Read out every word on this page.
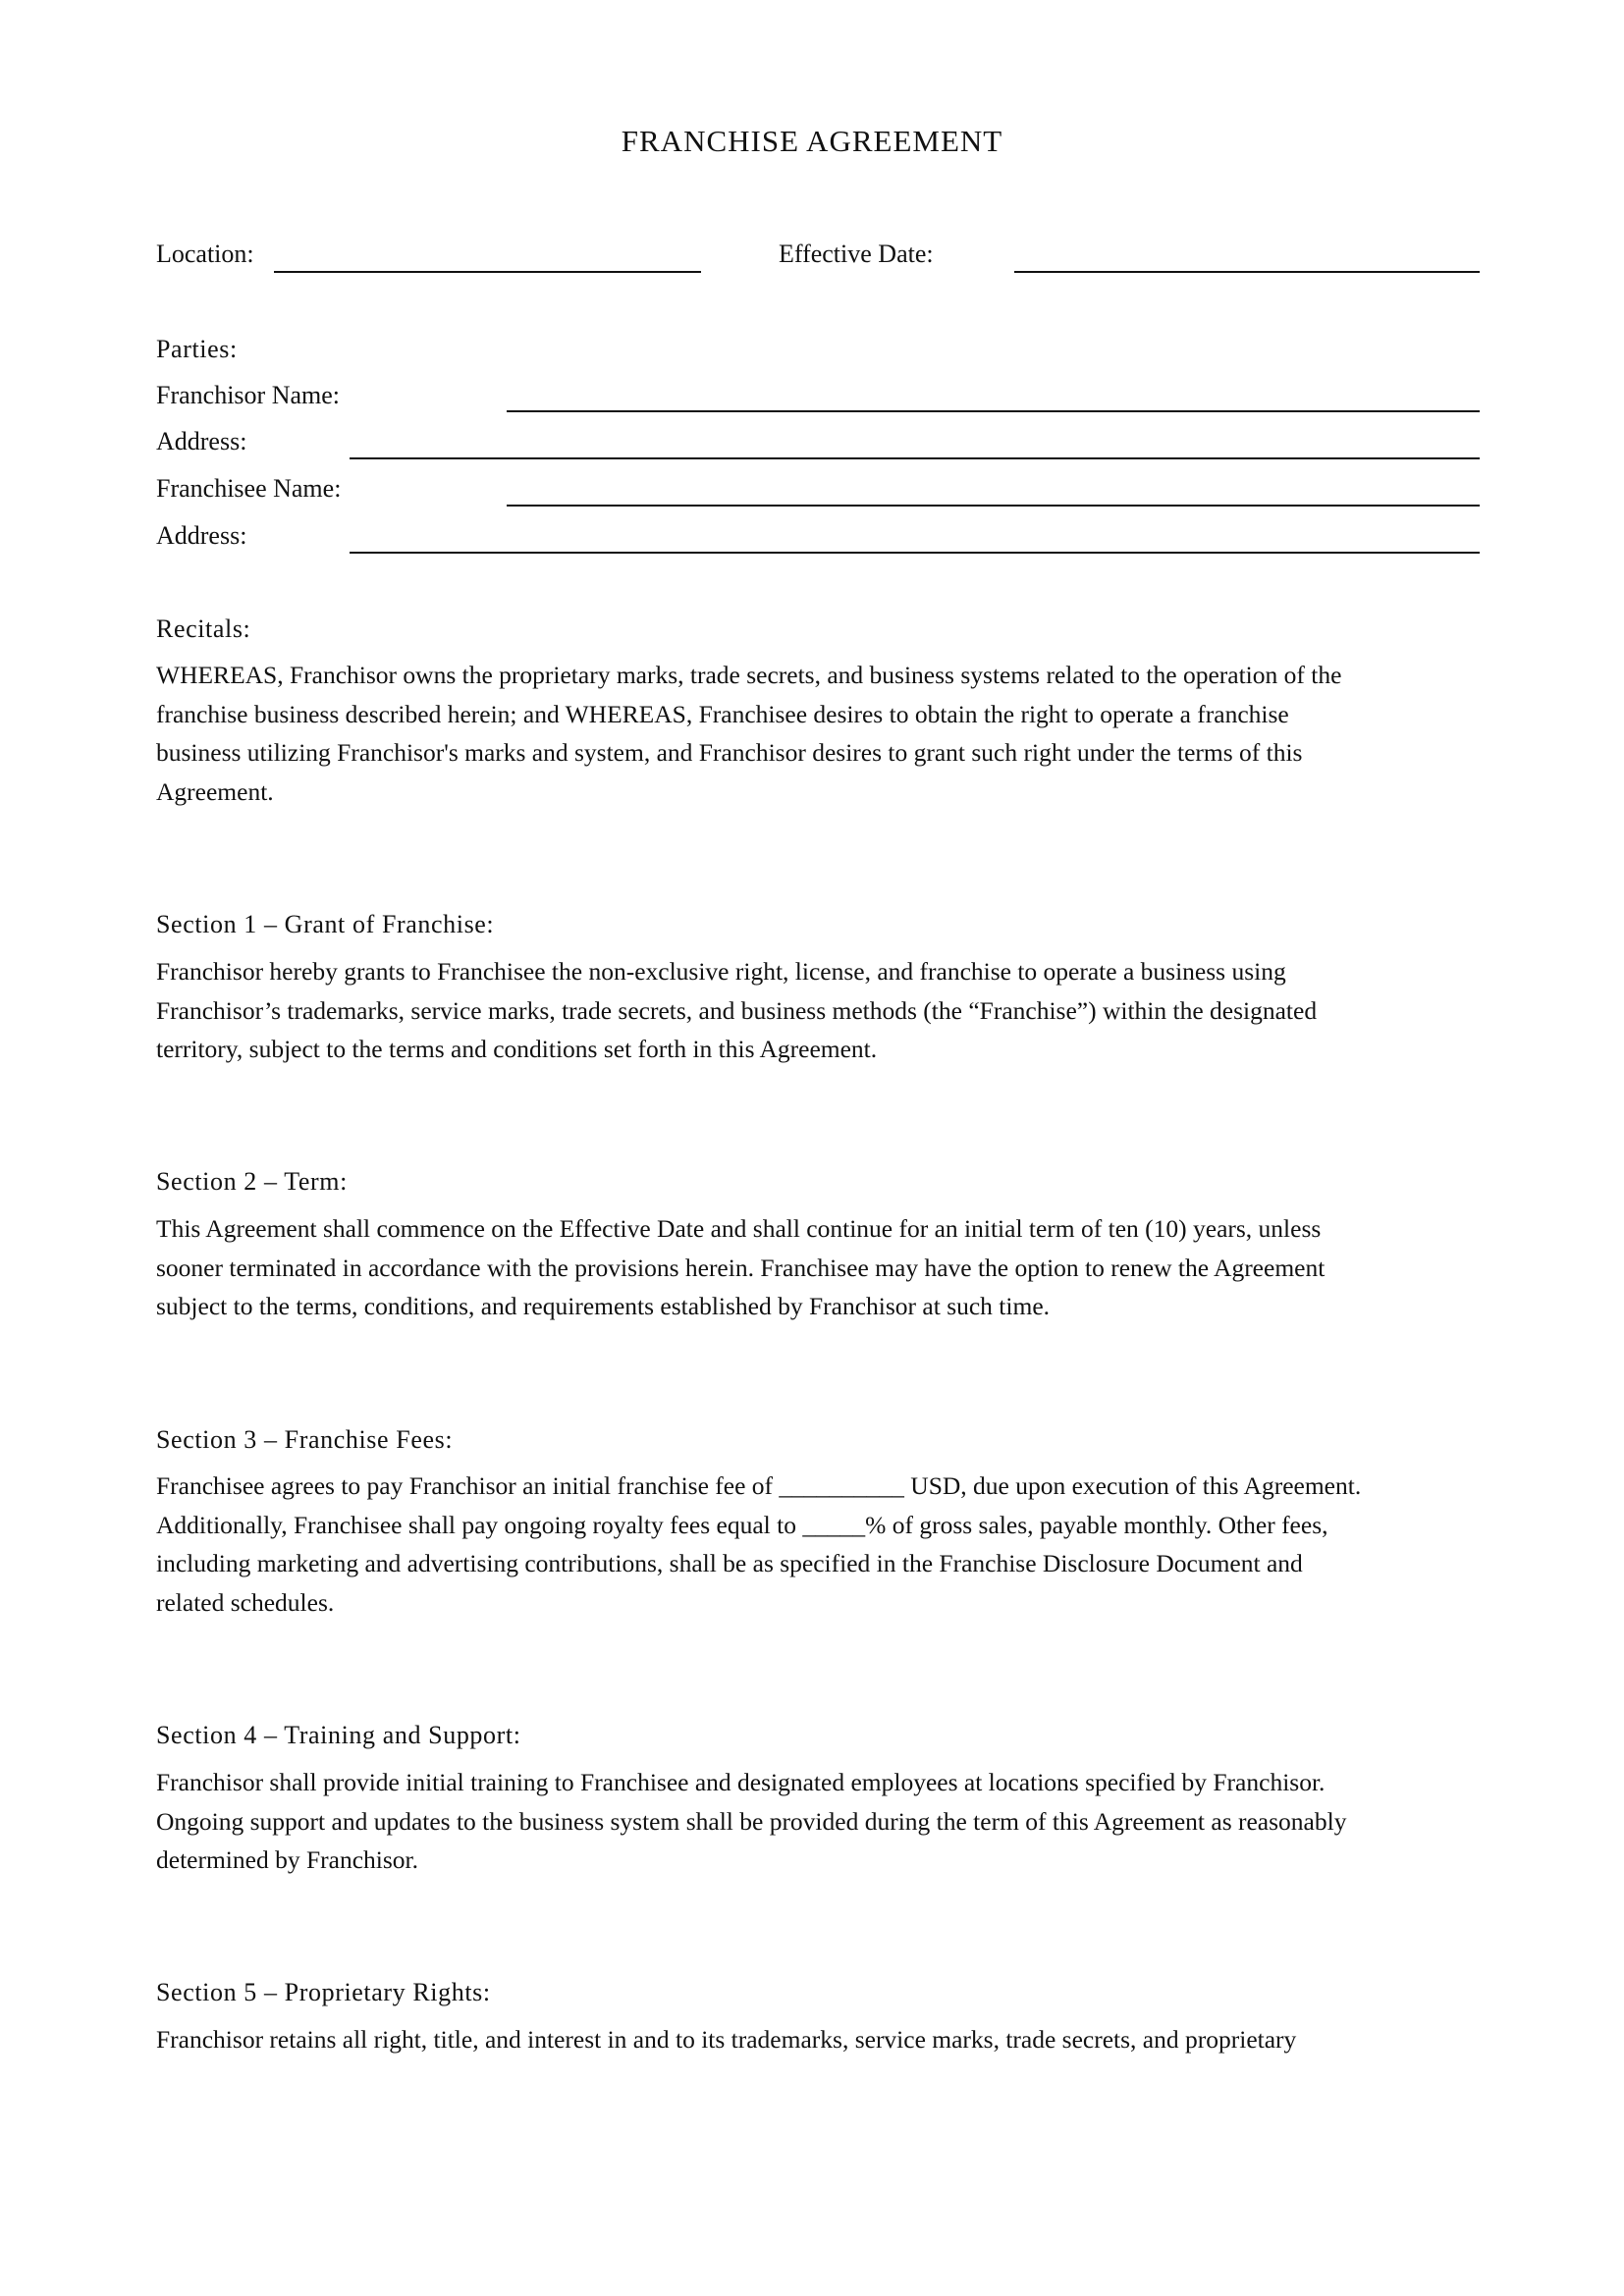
FRANCHISE AGREEMENT
Location:	Effective Date:
Parties:
Franchisor Name:
Address:
Franchisee Name:
Address:
Recitals:
WHEREAS, Franchisor owns the proprietary marks, trade secrets, and business systems related to the operation of the
franchise business described herein; and WHEREAS, Franchisee desires to obtain the right to operate a franchise
business utilizing Franchisor's marks and system, and Franchisor desires to grant such right under the terms of this
Agreement.
Section 1 – Grant of Franchise:
Franchisor hereby grants to Franchisee the non-exclusive right, license, and franchise to operate a business using
Franchisor’s trademarks, service marks, trade secrets, and business methods (the “Franchise”) within the designated
territory, subject to the terms and conditions set forth in this Agreement.
Section 2 – Term:
This Agreement shall commence on the Effective Date and shall continue for an initial term of ten (10) years, unless
sooner terminated in accordance with the provisions herein. Franchisee may have the option to renew the Agreement
subject to the terms, conditions, and requirements established by Franchisor at such time.
Section 3 – Franchise Fees:
Franchisee agrees to pay Franchisor an initial franchise fee of __________ USD, due upon execution of this Agreement.
Additionally, Franchisee shall pay ongoing royalty fees equal to _____% of gross sales, payable monthly. Other fees,
including marketing and advertising contributions, shall be as specified in the Franchise Disclosure Document and
related schedules.
Section 4 – Training and Support:
Franchisor shall provide initial training to Franchisee and designated employees at locations specified by Franchisor.
Ongoing support and updates to the business system shall be provided during the term of this Agreement as reasonably
determined by Franchisor.
Section 5 – Proprietary Rights:
Franchisor retains all right, title, and interest in and to its trademarks, service marks, trade secrets, and proprietary
